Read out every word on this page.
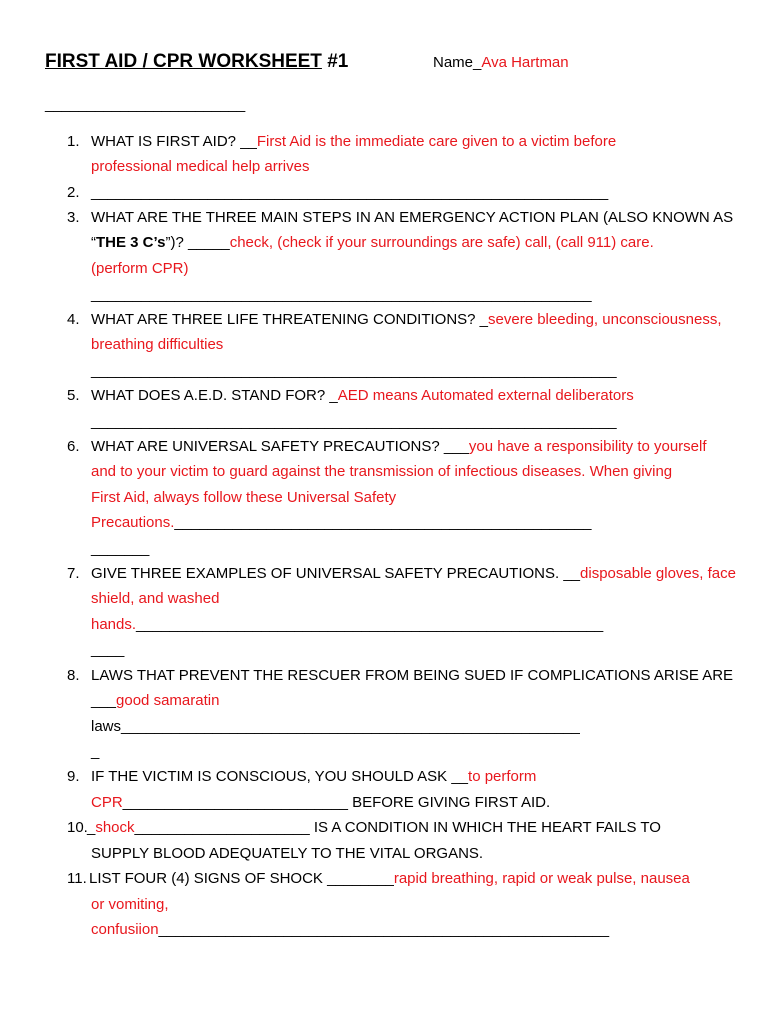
FIRST AID / CPR WORKSHEET #1	Name_Ava Hartman
________________________
1. WHAT IS FIRST AID? __First Aid is the immediate care given to a victim before
professional medical help arrives
2. ______________________________________________________________
3. WHAT ARE THE THREE MAIN STEPS IN AN EMERGENCY ACTION PLAN (ALSO KNOWN AS
“THE 3 C’s”)? _____check, (check if your surroundings are safe) call, (call 911) care.
(perform CPR)
____________________________________________________________
4. WHAT ARE THREE LIFE THREATENING CONDITIONS? _severe bleeding, unconsciousness,
breathing difficulties
_______________________________________________________________
5. WHAT DOES A.E.D. STAND FOR? _AED means Automated external deliberators
_______________________________________________________________
6. WHAT ARE UNIVERSAL SAFETY PRECAUTIONS? ___you have a responsibility to yourself
and to your victim to guard against the transmission of infectious diseases. When giving
First Aid, always follow these Universal Safety
Precautions.__________________________________________________
_______
7. GIVE THREE EXAMPLES OF UNIVERSAL SAFETY PRECAUTIONS. __disposable gloves, face
shield, and washed
hands.________________________________________________________
____
8. LAWS THAT PREVENT THE RESCUER FROM BEING SUED IF COMPLICATIONS ARISE ARE
___good samaratin
laws_______________________________________________________
_
9. IF THE VICTIM IS CONSCIOUS, YOU SHOULD ASK __to perform
CPR___________________________ BEFORE GIVING FIRST AID.
10. _shock_____________________ IS A CONDITION IN WHICH THE HEART FAILS TO
SUPPLY BLOOD ADEQUATELY TO THE VITAL ORGANS.
11. LIST FOUR (4) SIGNS OF SHOCK ________rapid breathing, rapid or weak pulse, nausea
or vomiting,
confusiion______________________________________________________
